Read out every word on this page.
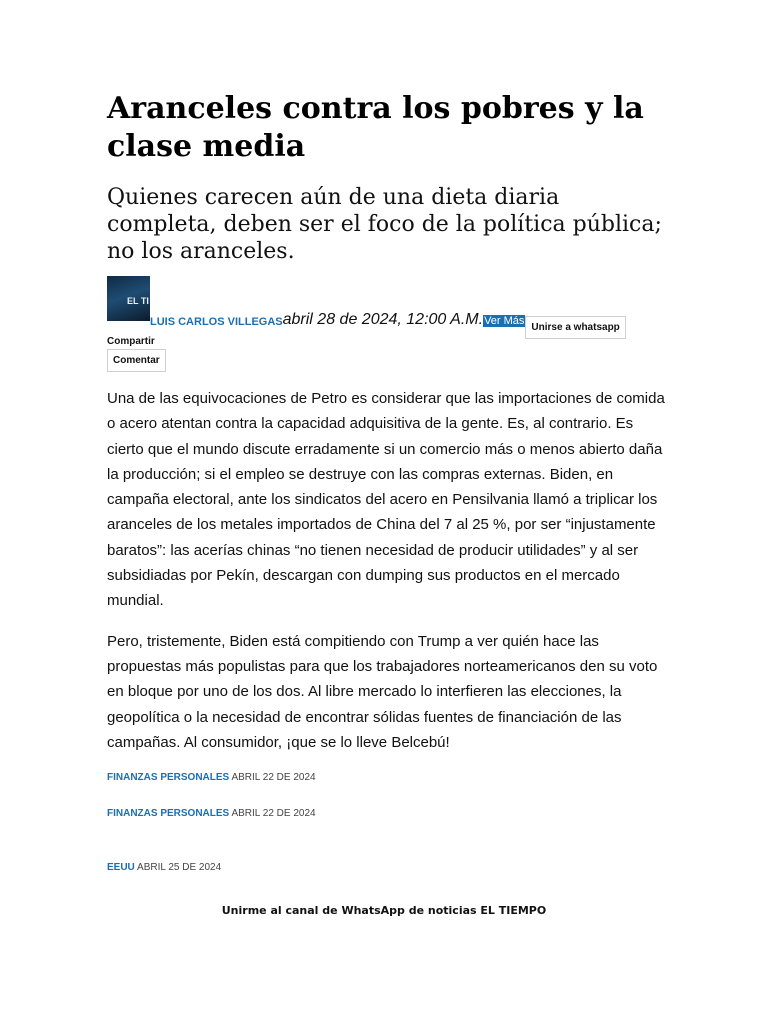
Aranceles contra los pobres y la clase media
Quienes carecen aún de una dieta diaria completa, deben ser el foco de la política pública; no los aranceles.
EL TI
LUIS CARLOS VILLEGAS abril 28 de 2024, 12:00 A.M. Ver Más
Unirse a whatsapp
Compartir
Comentar

Una de las equivocaciones de Petro es considerar que las importaciones de comida o acero atentan contra la capacidad adquisitiva de la gente. Es, al contrario. Es cierto que el mundo discute erradamente si un comercio más o menos abierto daña la producción; si el empleo se destruye con las compras externas. Biden, en campaña electoral, ante los sindicatos del acero en Pensilvania llamó a triplicar los aranceles de los metales importados de China del 7 al 25 %, por ser “injustamente baratos”: las acerías chinas “no tienen necesidad de producir utilidades” y al ser subsidiadas por Pekín, descargan con dumping sus productos en el mercado mundial.

Pero, tristemente, Biden está compitiendo con Trump a ver quién hace las propuestas más populistas para que los trabajadores norteamericanos den su voto en bloque por uno de los dos. Al libre mercado lo interfieren las elecciones, la geopolítica o la necesidad de encontrar sólidas fuentes de financiación de las campañas. Al consumidor, ¡que se lo lleve Belcebú!

FINANZAS PERSONALES ABRIL 22 DE 2024
FINANZAS PERSONALES ABRIL 22 DE 2024
EEUU ABRIL 25 DE 2024
Unirme al canal de WhatsApp de noticias EL TIEMPO
